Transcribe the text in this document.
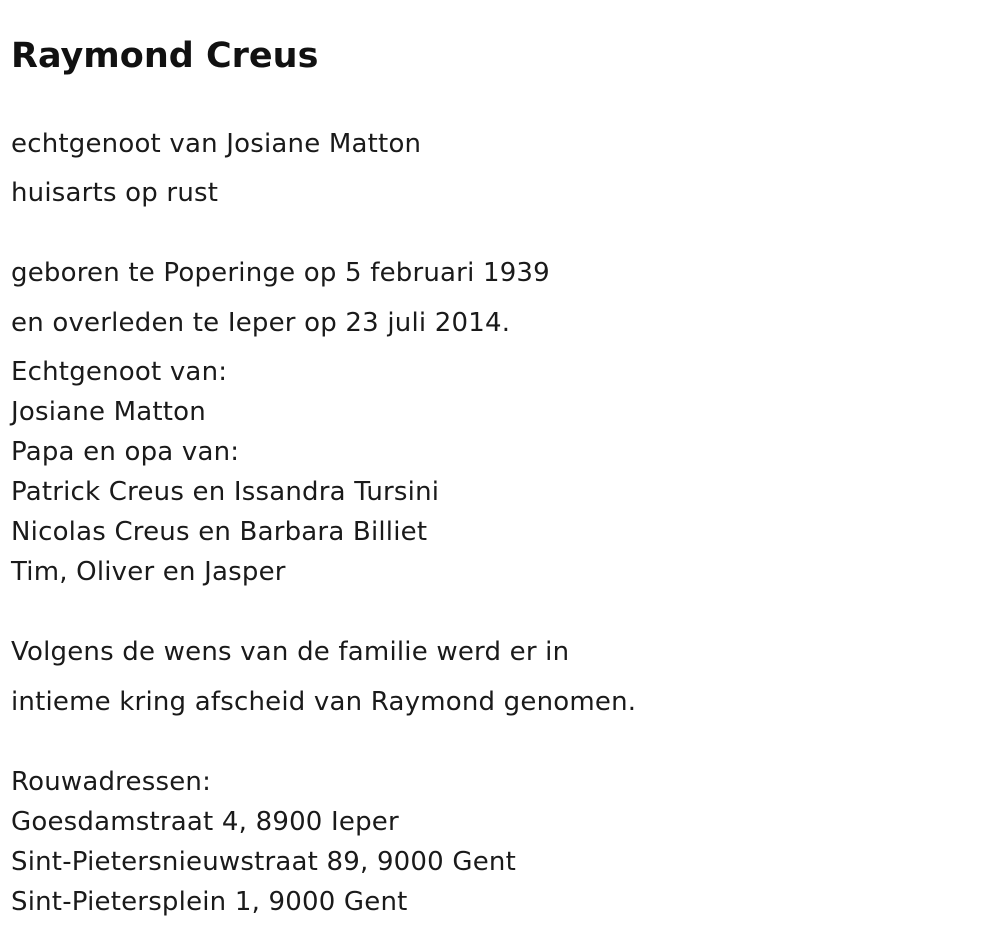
Raymond Creus

echtgenoot van Josiane Matton

huisarts op rust

geboren te Poperinge op 5 februari 1939

en overleden te Ieper op 23 juli 2014.

Echtgenoot van:

Josiane Matton

Papa en opa van:

Patrick Creus en Issandra Tursini

Nicolas Creus en Barbara Billiet

Tim, Oliver en Jasper

Volgens de wens van de familie werd er in

intieme kring afscheid van Raymond genomen.

Rouwadressen:

Goesdamstraat 4, 8900 Ieper

Sint-Pietersnieuwstraat 89, 9000 Gent

Sint-Pietersplein 1, 9000 Gent
